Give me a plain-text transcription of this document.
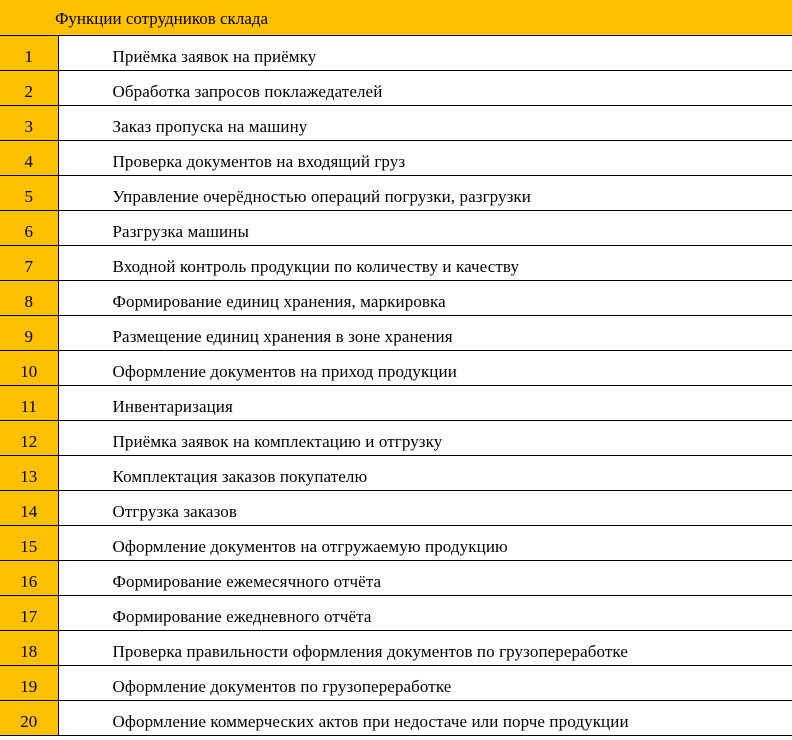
Функции сотрудников склада	
1	Приёмка заявок на приёмку
2	Обработка запросов поклажедателей
3	Заказ пропуска на машину
4	Проверка документов на входящий груз
5	Управление очерёдностью операций погрузки, разгрузки
6	Разгрузка машины
7	Входной контроль продукции по количеству и качеству
8	Формирование единиц хранения, маркировка
9	Размещение единиц хранения в зоне хранения
10	Оформление документов на приход продукции
11	Инвентаризация
12	Приёмка заявок на комплектацию и отгрузку
13	Комплектация заказов покупателю
14	Отгрузка заказов
15	Оформление документов на отгружаемую продукцию
16	Формирование ежемесячного отчёта
17	Формирование ежедневного отчёта
18	Проверка правильности оформления документов по грузопереработке
19	Оформление документов по грузопереработке
20	Оформление коммерческих актов при недостаче или порче продукции
